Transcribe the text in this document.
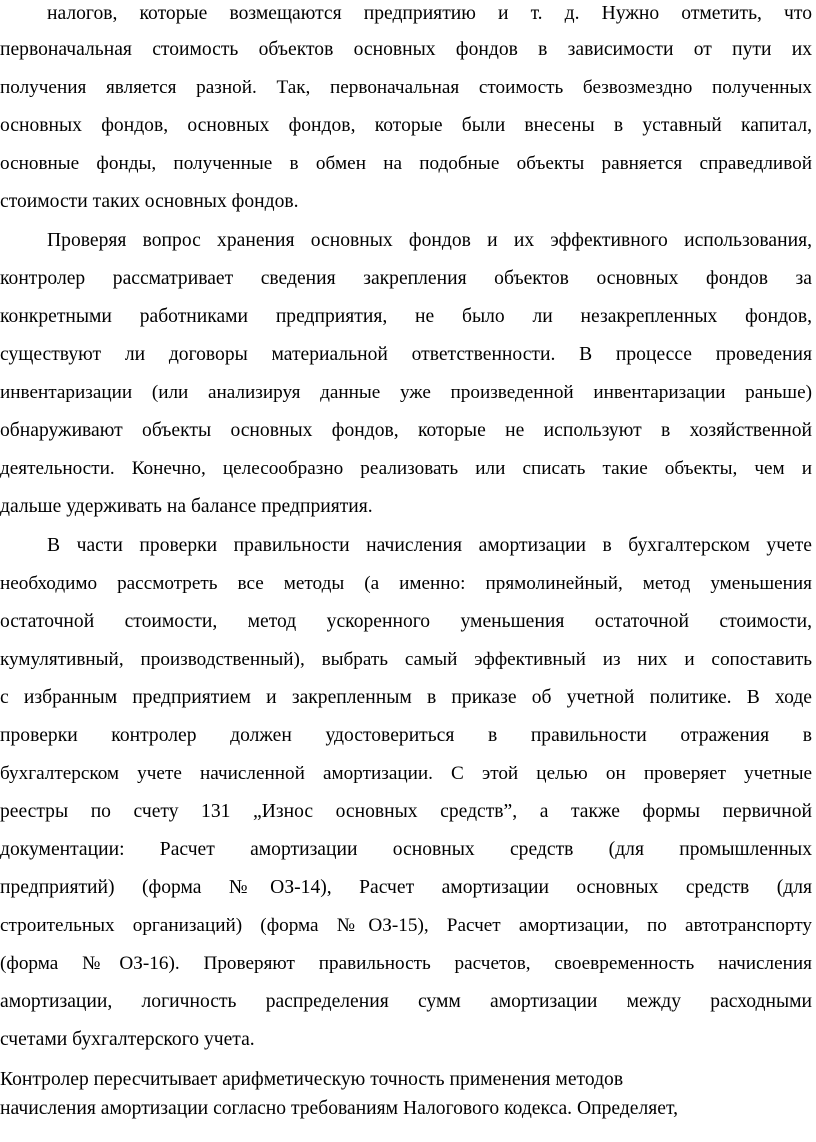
налогов, которые возмещаются предприятию и т. д. Нужно отметить, что
первоначальная стоимость объектов основных фондов в зависимости от пути их
получения является разной. Так, первоначальная стоимость безвозмездно полученных
основных фондов, основных фондов, которые были внесены в уставный капитал,
основные фонды, полученные в обмен на подобные объекты равняется справедливой
стоимости таких основных фондов.
Проверяя вопрос хранения основных фондов и их эффективного использования,
контролер рассматривает сведения закрепления объектов основных фондов за
конкретными работниками предприятия, не было ли незакрепленных фондов,
существуют ли договоры материальной ответственности. В процессе проведения
инвентаризации (или анализируя данные уже произведенной инвентаризации раньше)
обнаруживают объекты основных фондов, которые не используют в хозяйственной
деятельности. Конечно, целесообразно реализовать или списать такие объекты, чем и
дальше удерживать на балансе предприятия.
В части проверки правильности начисления амортизации в бухгалтерском учете
необходимо рассмотреть все методы (а именно: прямолинейный, метод уменьшения
остаточной стоимости, метод ускоренного уменьшения остаточной стоимости,
кумулятивный, производственный), выбрать самый эффективный из них и сопоставить
с избранным предприятием и закрепленным в приказе об учетной политике. В ходе
проверки контролер должен удостовериться в правильности отражения в
бухгалтерском учете начисленной амортизации. С этой целью он проверяет учетные
реестры по счету 131 „Износ основных средств”, а также формы первичной
документации: Расчет амортизации основных средств (для промышленных
предприятий) (форма №ОЗ-14), Расчет амортизации основных средств (для
строительных организаций) (форма №ОЗ-15), Расчет амортизации, по автотранспорту
(форма №ОЗ-16). Проверяют правильность расчетов, своевременность начисления
амортизации, логичность распределения сумм амортизации между расходными
счетами бухгалтерского учета.
Контролер пересчитывает арифметическую точность применения методов
начисления амортизации согласно требованиям Налогового кодекса. Определяет,
